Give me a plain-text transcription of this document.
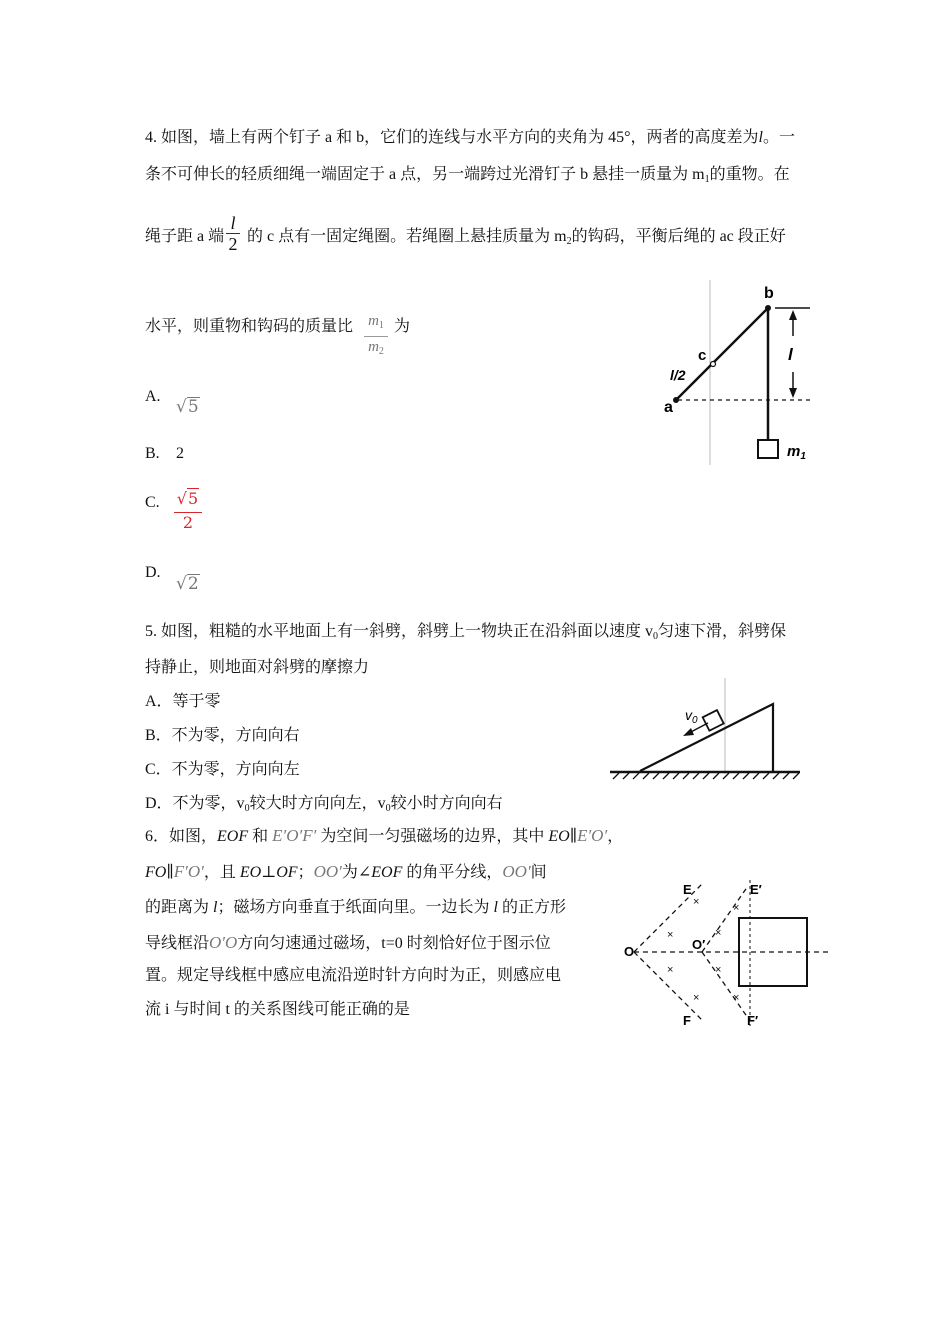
4. 如图，墙上有两个钉子 a 和 b，它们的连线与水平方向的夹角为 45°，两者的高度差为l。一
条不可伸长的轻质细绳一端固定于 a 点，另一端跨过光滑钉子 b 悬挂一质量为 $m_1$的重物。在
绳子距 a 端
l
2 的 c 点有一固定绳圈。若绳圈上悬挂质量为 $m_2$的钩码，平衡后绳的 ac 段正好
水平，则重物和钩码的质量比 $m_1$
$m_2$
为
A.
√5
B. 2
C. √5
2
D.
√2
b
c
l/2
a
l
$m_1$
5. 如图，粗糙的水平地面上有一斜劈，斜劈上一物块正在沿斜面以速度 $v_0$匀速下滑，斜劈保
持静止，则地面对斜劈的摩擦力
A．等于零
B．不为零，方向向右
C．不为零，方向向左
D．不为零，$v_0$较大时方向向左，$v_0$较小时方向向右
$v_0$
6．如图，EOF 和 E′O′F′ 为空间一匀强磁场的边界，其中 EO∥E′O′，
FO∥F′O′，且 EO⊥OF；OO′为∠EOF 的角平分线，OO′间
的距离为 l；磁场方向垂直于纸面向里。一边长为 l 的正方形
导线框沿O′O方向匀速通过磁场，t=0 时刻恰好位于图示位
置。规定导线框中感应电流沿逆时针方向时为正，则感应电
流 i 与时间 t 的关系图线可能正确的是
×	×
×	×
×	×
×	×
E	E′
O	O′
F	F′
